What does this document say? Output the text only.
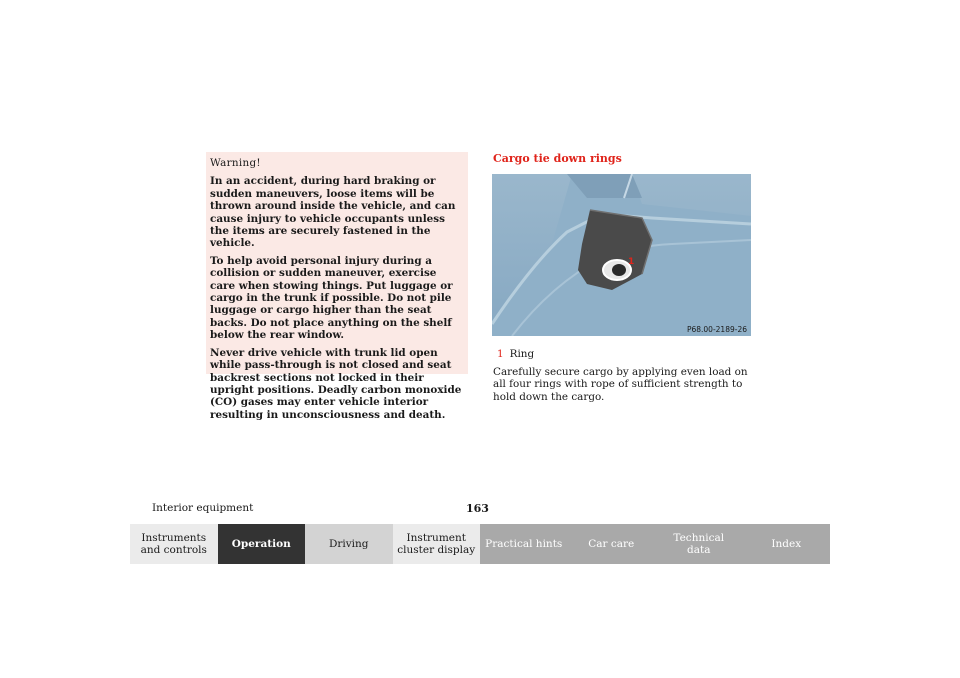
Warning!

In an accident, during hard braking or sudden maneuvers, loose items will be thrown around inside the vehicle, and can cause injury to vehicle occupants unless the items are securely fastened in the vehicle.

To help avoid personal injury during a collision or sudden maneuver, exercise care when stowing things. Put luggage or cargo in the trunk if possible. Do not pile luggage or cargo higher than the seat backs. Do not place anything on the shelf below the rear window.

Never drive vehicle with trunk lid open while pass-through is not closed and seat backrest sections not locked in their upright positions. Deadly carbon monoxide (CO) gases may enter vehicle interior resulting in unconsciousness and death.

Cargo tie down rings
1
P68.00-2189-26
1 Ring

Carefully secure cargo by applying even load on all four rings with rope of sufficient strength to hold down the cargo.

Interior equipment	163
Instruments
and controls	Operation	Driving	Instrument
cluster display Practical hints	Car care	Technical
data	Index
